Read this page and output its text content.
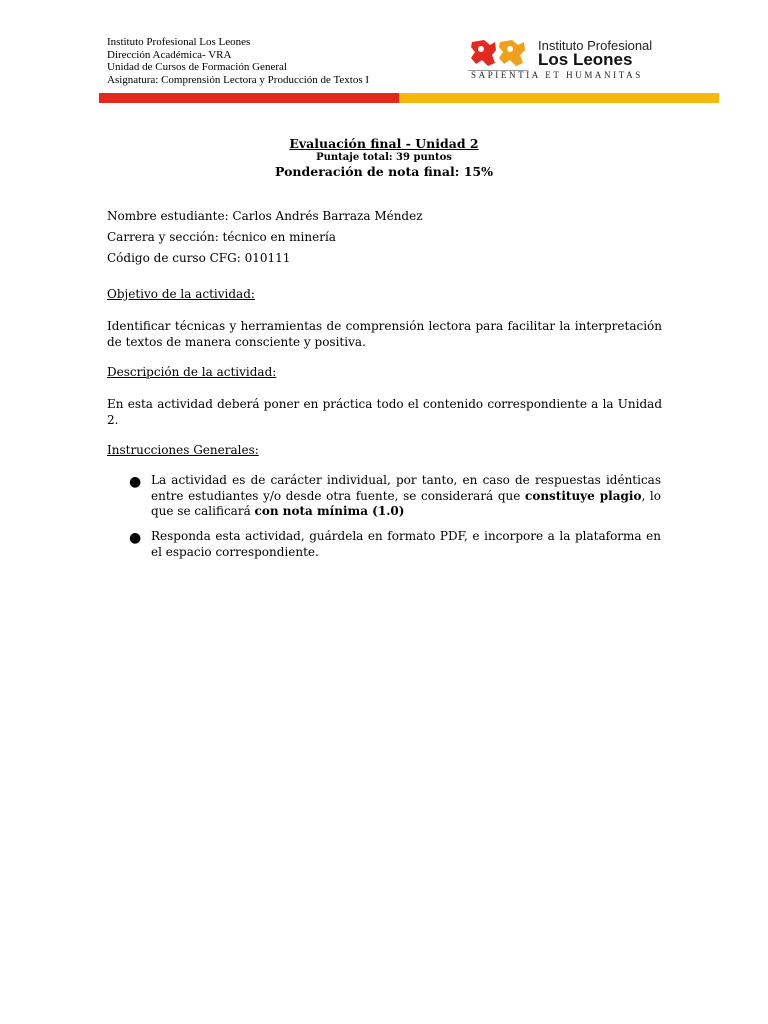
Instituto Profesional Los Leones
Dirección Académica- VRA
Unidad de Cursos de Formación General
Asignatura: Comprensión Lectora y Producción de Textos I
Instituto Profesional
Los Leones
SAPIENTIA ET HUMANITAS
Evaluación final - Unidad 2
Puntaje total: 39 puntos
Ponderación de nota final: 15%
Nombre estudiante: Carlos Andrés Barraza Méndez
Carrera y sección: técnico en minería
Código de curso CFG: 010111
Objetivo de la actividad:
Identificar técnicas y herramientas de comprensión lectora para facilitar la interpretación de textos de manera consciente y positiva.
Descripción de la actividad:
En esta actividad deberá poner en práctica todo el contenido correspondiente a la Unidad 2.
Instrucciones Generales:
● La actividad es de carácter individual, por tanto, en caso de respuestas idénticas entre estudiantes y/o desde otra fuente, se considerará que constituye plagio, lo que se calificará con nota mínima (1.0)
● Responda esta actividad, guárdela en formato PDF, e incorpore a la plataforma en el espacio correspondiente.
